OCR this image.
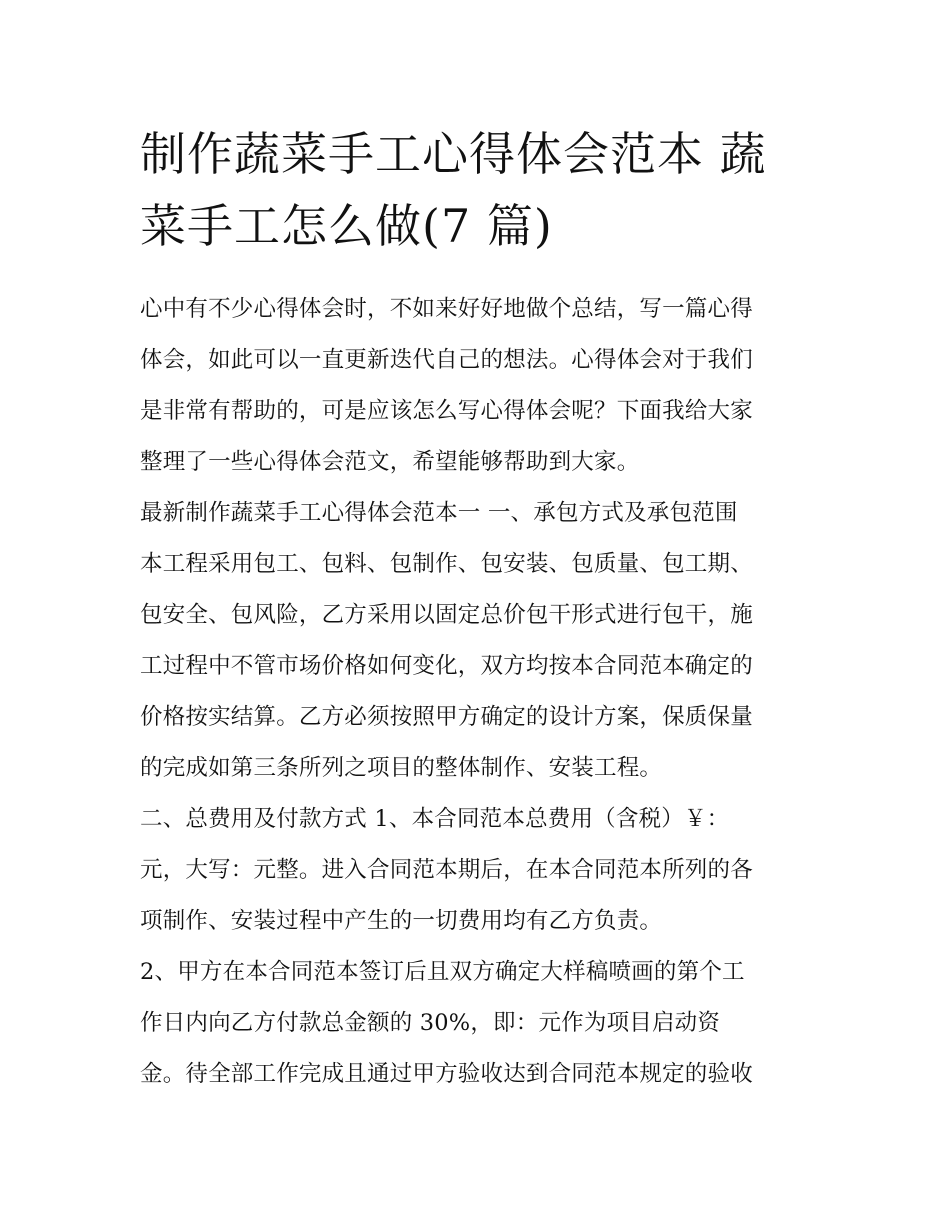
制作蔬菜手工心得体会范本 蔬
菜手工怎么做(7 篇)
心中有不少心得体会时，不如来好好地做个总结，写一篇心得
体会，如此可以一直更新迭代自己的想法。心得体会对于我们
是非常有帮助的，可是应该怎么写心得体会呢？下面我给大家
整理了一些心得体会范文，希望能够帮助到大家。
最新制作蔬菜手工心得体会范本一 一、承包方式及承包范围
本工程采用包工、包料、包制作、包安装、包质量、包工期、
包安全、包风险，乙方采用以固定总价包干形式进行包干，施
工过程中不管市场价格如何变化，双方均按本合同范本确定的
价格按实结算。乙方必须按照甲方确定的设计方案，保质保量
的完成如第三条所列之项目的整体制作、安装工程。
二、总费用及付款方式 1、本合同范本总费用（含税）￥：
元，大写：元整。进入合同范本期后，在本合同范本所列的各
项制作、安装过程中产生的一切费用均有乙方负责。
2、甲方在本合同范本签订后且双方确定大样稿喷画的第个工
作日内向乙方付款总金额的 30%，即：元作为项目启动资
金。待全部工作完成且通过甲方验收达到合同范本规定的验收
